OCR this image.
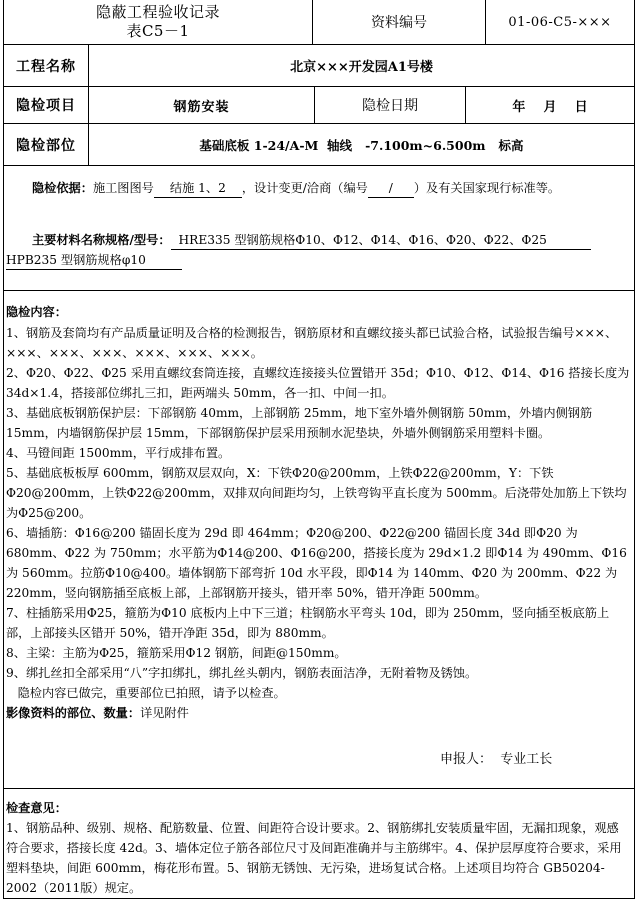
隐蔽工程验收记录
表C5－1	资料编号	01-06-C5-×××
工程名称	北京×××开发园A1号楼
隐检项目	钢筋安装	隐检日期	年    月    日
隐检部位	基础底板 1-24/A-M  轴线   -7.100m~6.500m   标高
隐检依据：施工图图号 结施 1、2 ，设计变更/洽商（编号 / ）及有关国家现行标准等。
主要材料名称规格/型号： HRE335 型钢筋规格Φ10、Φ12、Φ14、Φ16、Φ20、Φ22、Φ25
HPB235 型钢筋规格φ10
隐检内容：

1、钢筋及套筒均有产品质量证明及合格的检测报告，钢筋原材和直螺纹接头都已试验合格，试验报告编号×××、×××、×××、×××、×××、×××、×××。

2、Φ20、Φ22、Φ25 采用直螺纹套筒连接，直螺纹连接接头位置错开 35d；Φ10、Φ12、Φ14、Φ16 搭接长度为 34d×1.4，搭接部位绑扎三扣，距两端头 50mm，各一扣、中间一扣。

3、基础底板钢筋保护层：下部钢筋 40mm，上部钢筋 25mm，地下室外墙外侧钢筋 50mm，外墙内侧钢筋 15mm，内墙钢筋保护层 15mm，下部钢筋保护层采用预制水泥垫块，外墙外侧钢筋采用塑料卡圈。

4、马镫间距 1500mm，平行成排布置。

5、基础底板板厚 600mm，钢筋双层双向，X：下铁Φ20@200mm，上铁Φ22@200mm，Y：下铁Φ20@200mm，上铁Φ22@200mm，双排双向间距均匀，上铁弯钩平直长度为 500mm。后浇带处加筋上下铁均为Φ25@200。

6、墙插筋：Φ16@200 锚固长度为 29d 即 464mm；Φ20@200、Φ22@200 锚固长度 34d 即Φ20 为 680mm、Φ22 为 750mm；水平筋为Φ14@200、Φ16@200，搭接长度为 29d×1.2 即Φ14 为 490mm、Φ16 为 560mm。拉筋Φ10@400。墙体钢筋下部弯折 10d 水平段，即Φ14 为 140mm、Φ20 为 200mm、Φ22 为 220mm，竖向钢筋插至底板上部，上部钢筋开接头，错开率 50%，错开净距 500mm。

7、柱插筋采用Φ25，箍筋为Φ10 底板内上中下三道；柱钢筋水平弯头 10d，即为 250mm，竖向插至板底筋上部，上部接头区错开 50%，错开净距 35d，即为 880mm。

8、主梁：主筋为Φ25，箍筋采用Φ12 钢筋，间距@150mm。

9、绑扎丝扣全部采用“八”字扣绑扎，绑扎丝头朝内，钢筋表面洁净，无附着物及锈蚀。

隐检内容已做完，重要部位已拍照，请予以检查。

影像资料的部位、数量：详见附件
申报人：  专业工长
检查意见：

1、钢筋品种、级别、规格、配筋数量、位置、间距符合设计要求。2、钢筋绑扎安装质量牢固，无漏扣现象，观感符合要求，搭接长度 42d。3、墙体定位子筋各部位尺寸及间距准确并与主筋绑牢。4、保护层厚度符合要求，采用塑料垫块，间距 600mm，梅花形布置。5、钢筋无锈蚀、无污染，进场复试合格。上述项目均符合 GB50204-2002（2011版）规定。
